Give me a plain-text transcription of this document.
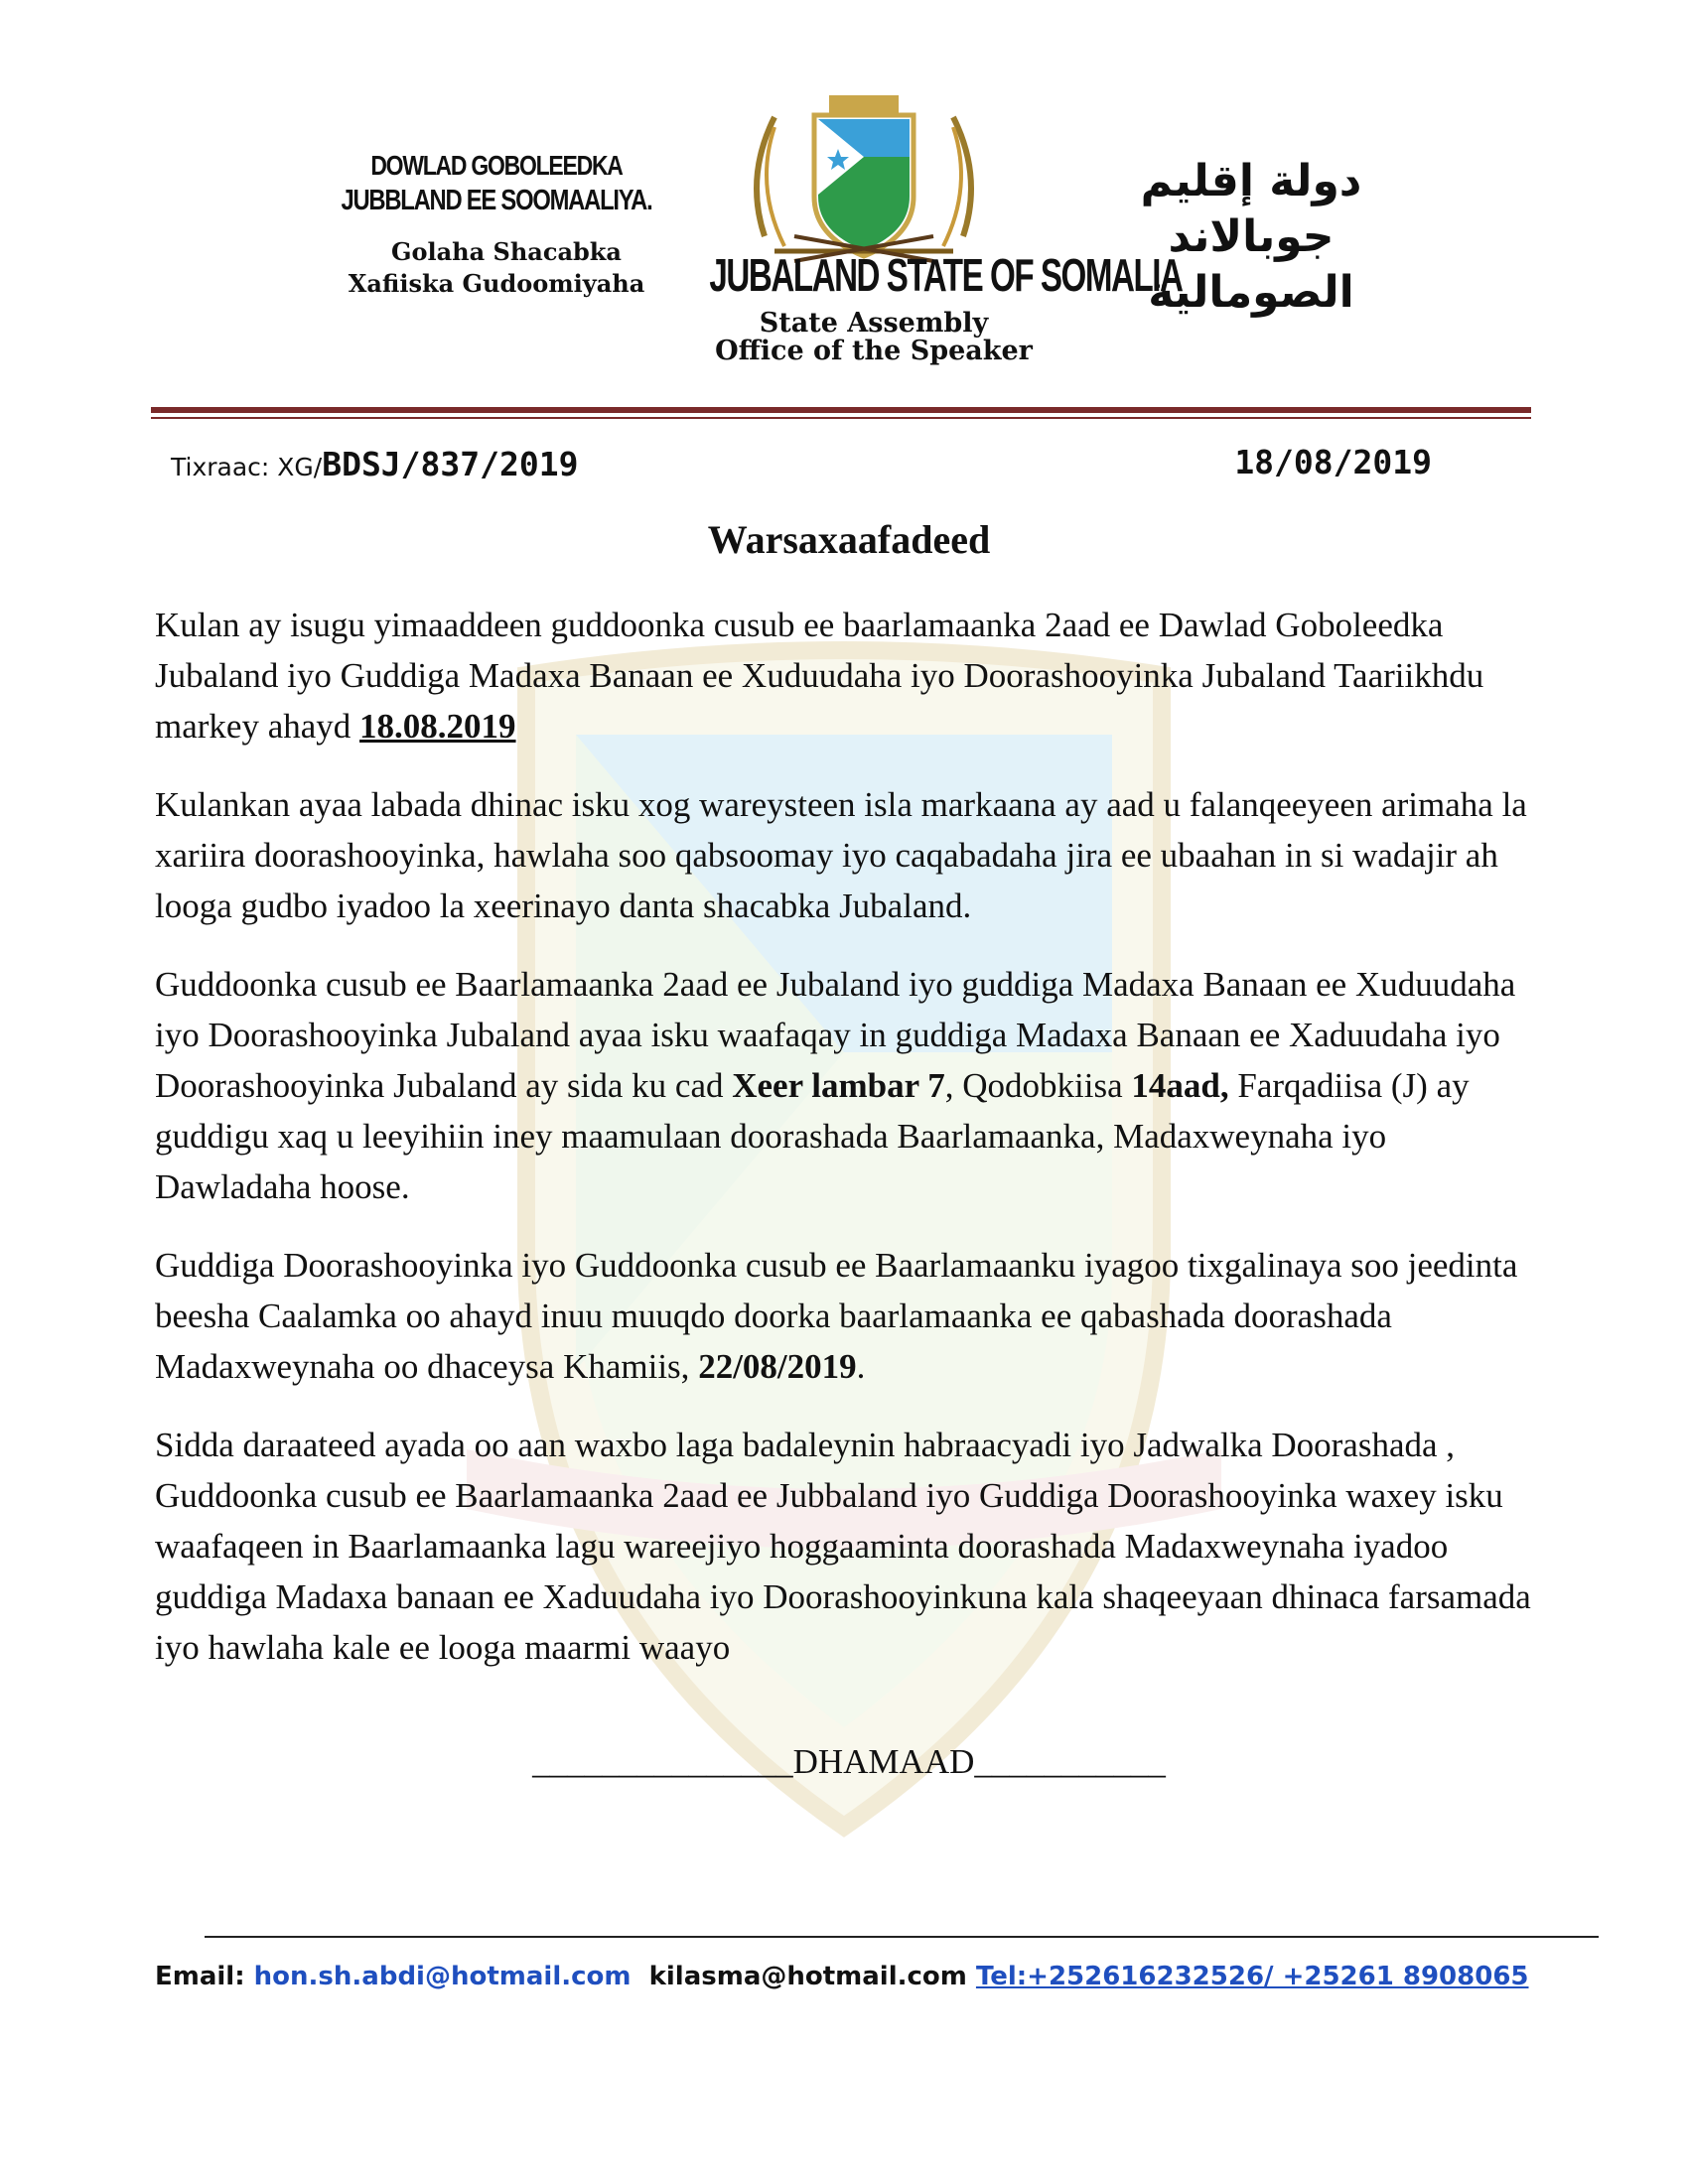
DOWLAD GOBOLEEDKA
JUBBLAND EE SOOMAALIYA.
Golaha Shacabka
Xafiiska Gudoomiyaha	JUBALAND STATE OF SOMALIA
State Assembly
Office of the Speaker
دولة إقليم جوبالاند
الصومالية
Tixraac: XG/BDSJ/837/2019	18/08/2019
Warsaxaafadeed

Kulan ay isugu yimaaddeen guddoonka cusub ee baarlamaanka 2aad ee Dawlad Goboleedka Jubaland iyo Guddiga Madaxa Banaan ee Xuduudaha iyo Doorashooyinka Jubaland Taariikhdu markey ahayd 18.08.2019

Kulankan ayaa labada dhinac isku xog wareysteen isla markaana ay aad u falanqeeyeen arimaha la xariira doorashooyinka, hawlaha soo qabsoomay iyo caqabadaha jira ee ubaahan in si wadajir ah looga gudbo iyadoo la xeerinayo danta shacabka Jubaland.

Guddoonka cusub ee Baarlamaanka 2aad ee Jubaland iyo guddiga Madaxa Banaan ee Xuduudaha iyo Doorashooyinka Jubaland ayaa isku waafaqay in guddiga Madaxa Banaan ee Xaduudaha iyo Doorashooyinka Jubaland ay sida ku cad Xeer lambar 7, Qodobkiisa 14aad, Farqadiisa (J) ay guddigu xaq u leeyihiin iney maamulaan doorashada Baarlamaanka, Madaxweynaha iyo Dawladaha hoose.

Guddiga Doorashooyinka iyo Guddoonka cusub ee Baarlamaanku iyagoo tixgalinaya soo jeedinta beesha Caalamka oo ahayd inuu muuqdo doorka baarlamaanka ee qabashada doorashada Madaxweynaha oo dhaceysa Khamiis, 22/08/2019.

Sidda daraateed ayada oo aan waxbo laga badaleynin habraacyadi iyo Jadwalka Doorashada , Guddoonka cusub ee Baarlamaanka 2aad ee Jubbaland iyo Guddiga Doorashooyinka waxey isku waafaqeen in Baarlamaanka lagu wareejiyo hoggaaminta doorashada Madaxweynaha iyadoo guddiga Madaxa banaan ee Xaduudaha iyo Doorashooyinkuna kala shaqeeyaan dhinaca farsamada iyo hawlaha kale ee looga maarmi waayo

_______________DHAMAAD___________
Email: hon.sh.abdi@hotmail.com kilasma@hotmail.com Tel:+252616232526/ +25261 8908065
